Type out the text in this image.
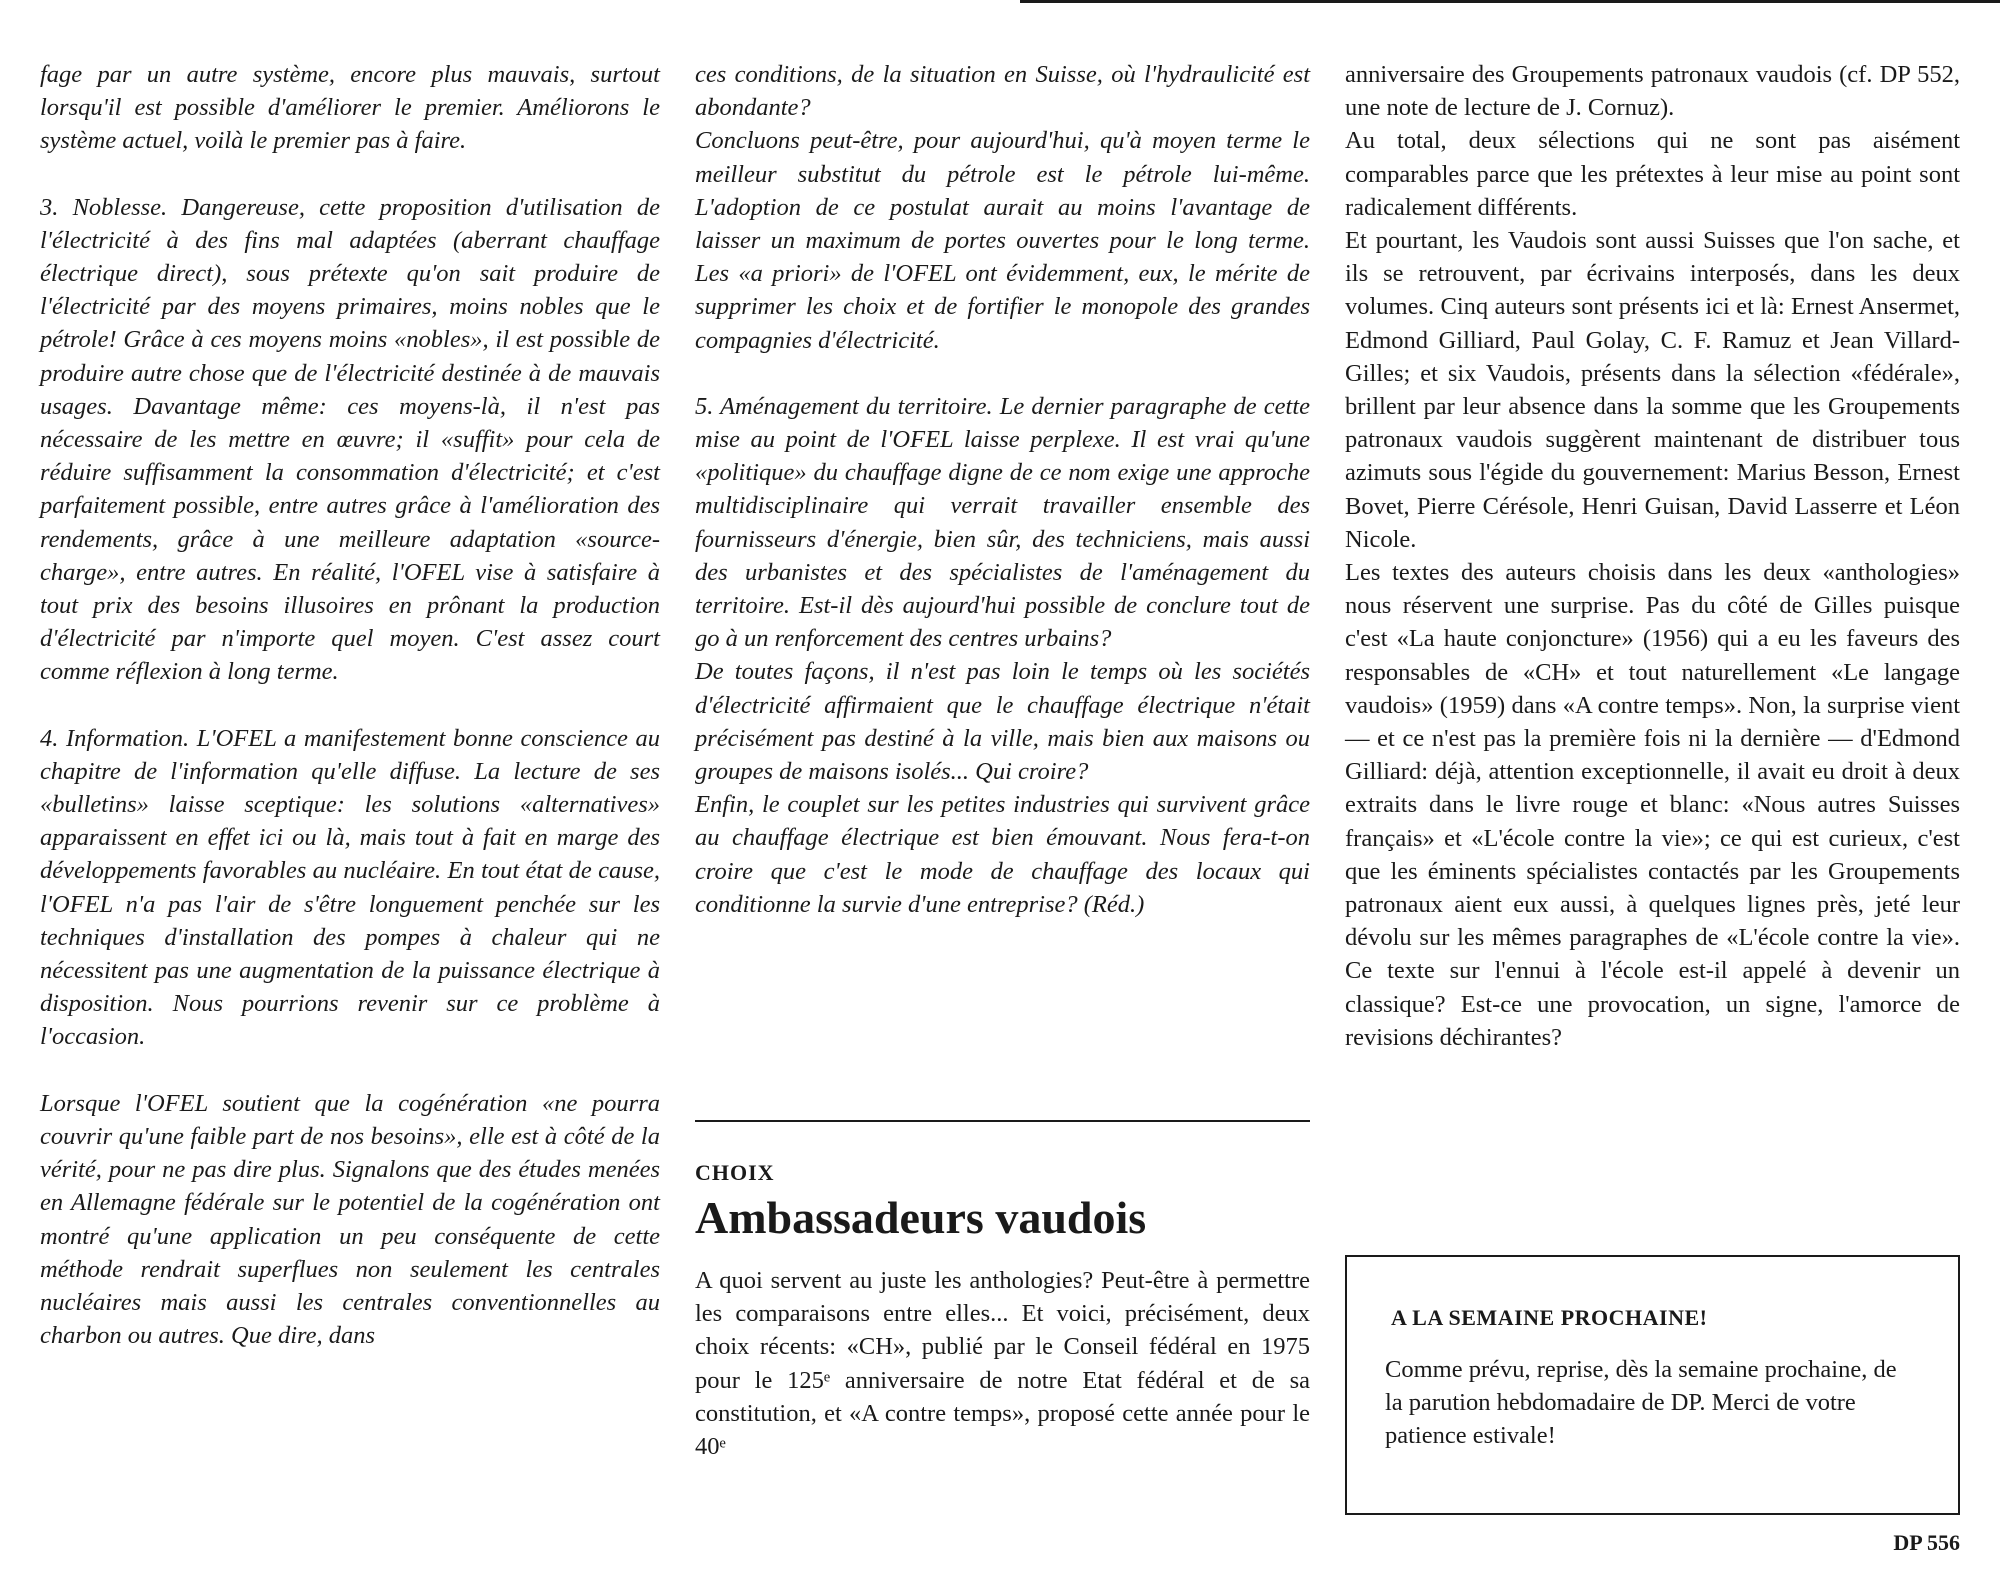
fage par un autre système, encore plus mauvais, surtout lorsqu'il est possible d'améliorer le premier. Améliorons le système actuel, voilà le premier pas à faire.

3. Noblesse. Dangereuse, cette proposition d'utilisation de l'électricité à des fins mal adaptées (aberrant chauffage électrique direct), sous prétexte qu'on sait produire de l'électricité par des moyens primaires, moins nobles que le pétrole! Grâce à ces moyens moins «nobles», il est possible de produire autre chose que de l'électricité destinée à de mauvais usages. Davantage même: ces moyens-là, il n'est pas nécessaire de les mettre en œuvre; il «suffit» pour cela de réduire suffisamment la consommation d'électricité; et c'est parfaitement possible, entre autres grâce à l'amélioration des rendements, grâce à une meilleure adaptation «source-charge», entre autres. En réalité, l'OFEL vise à satisfaire à tout prix des besoins illusoires en prônant la production d'électricité par n'importe quel moyen. C'est assez court comme réflexion à long terme.

4. Information. L'OFEL a manifestement bonne conscience au chapitre de l'information qu'elle diffuse. La lecture de ses «bulletins» laisse sceptique: les solutions «alternatives» apparaissent en effet ici ou là, mais tout à fait en marge des développements favorables au nucléaire. En tout état de cause, l'OFEL n'a pas l'air de s'être longuement penchée sur les techniques d'installation des pompes à chaleur qui ne nécessitent pas une augmentation de la puissance électrique à disposition. Nous pourrions revenir sur ce problème à l'occasion.

Lorsque l'OFEL soutient que la cogénération «ne pourra couvrir qu'une faible part de nos besoins», elle est à côté de la vérité, pour ne pas dire plus. Signalons que des études menées en Allemagne fédérale sur le potentiel de la cogénération ont montré qu'une application un peu conséquente de cette méthode rendrait superflues non seulement les centrales nucléaires mais aussi les centrales conventionnelles au charbon ou autres. Que dire, dans

ces conditions, de la situation en Suisse, où l'hydraulicité est abondante?

Concluons peut-être, pour aujourd'hui, qu'à moyen terme le meilleur substitut du pétrole est le pétrole lui-même. L'adoption de ce postulat aurait au moins l'avantage de laisser un maximum de portes ouvertes pour le long terme. Les «a priori» de l'OFEL ont évidemment, eux, le mérite de supprimer les choix et de fortifier le monopole des grandes compagnies d'électricité.

5. Aménagement du territoire. Le dernier paragraphe de cette mise au point de l'OFEL laisse perplexe. Il est vrai qu'une «politique» du chauffage digne de ce nom exige une approche multidisciplinaire qui verrait travailler ensemble des fournisseurs d'énergie, bien sûr, des techniciens, mais aussi des urbanistes et des spécialistes de l'aménagement du territoire. Est-il dès aujourd'hui possible de conclure tout de go à un renforcement des centres urbains?

De toutes façons, il n'est pas loin le temps où les sociétés d'électricité affirmaient que le chauffage électrique n'était précisément pas destiné à la ville, mais bien aux maisons ou groupes de maisons isolés... Qui croire?

Enfin, le couplet sur les petites industries qui survivent grâce au chauffage électrique est bien émouvant. Nous fera-t-on croire que c'est le mode de chauffage des locaux qui conditionne la survie d'une entreprise? (Réd.)

CHOIX

Ambassadeurs vaudois

A quoi servent au juste les anthologies? Peut-être à permettre les comparaisons entre elles... Et voici, précisément, deux choix récents: «CH», publié par le Conseil fédéral en 1975 pour le 125ᵉ anniversaire de notre Etat fédéral et de sa constitution, et «A contre temps», proposé cette année pour le 40ᵉ

anniversaire des Groupements patronaux vaudois (cf. DP 552, une note de lecture de J. Cornuz).

Au total, deux sélections qui ne sont pas aisément comparables parce que les prétextes à leur mise au point sont radicalement différents.

Et pourtant, les Vaudois sont aussi Suisses que l'on sache, et ils se retrouvent, par écrivains interposés, dans les deux volumes. Cinq auteurs sont présents ici et là: Ernest Ansermet, Edmond Gilliard, Paul Golay, C. F. Ramuz et Jean Villard-Gilles; et six Vaudois, présents dans la sélection «fédérale», brillent par leur absence dans la somme que les Groupements patronaux vaudois suggèrent maintenant de distribuer tous azimuts sous l'égide du gouvernement: Marius Besson, Ernest Bovet, Pierre Cérésole, Henri Guisan, David Lasserre et Léon Nicole.

Les textes des auteurs choisis dans les deux «anthologies» nous réservent une surprise. Pas du côté de Gilles puisque c'est «La haute conjoncture» (1956) qui a eu les faveurs des responsables de «CH» et tout naturellement «Le langage vaudois» (1959) dans «A contre temps». Non, la surprise vient — et ce n'est pas la première fois ni la dernière — d'Edmond Gilliard: déjà, attention exceptionnelle, il avait eu droit à deux extraits dans le livre rouge et blanc: «Nous autres Suisses français» et «L'école contre la vie»; ce qui est curieux, c'est que les éminents spécialistes contactés par les Groupements patronaux aient eux aussi, à quelques lignes près, jeté leur dévolu sur les mêmes paragraphes de «L'école contre la vie». Ce texte sur l'ennui à l'école est-il appelé à devenir un classique? Est-ce une provocation, un signe, l'amorce de revisions déchirantes?

A LA SEMAINE PROCHAINE!

Comme prévu, reprise, dès la semaine prochaine, de la parution hebdomadaire de DP. Merci de votre patience estivale!

DP 556
